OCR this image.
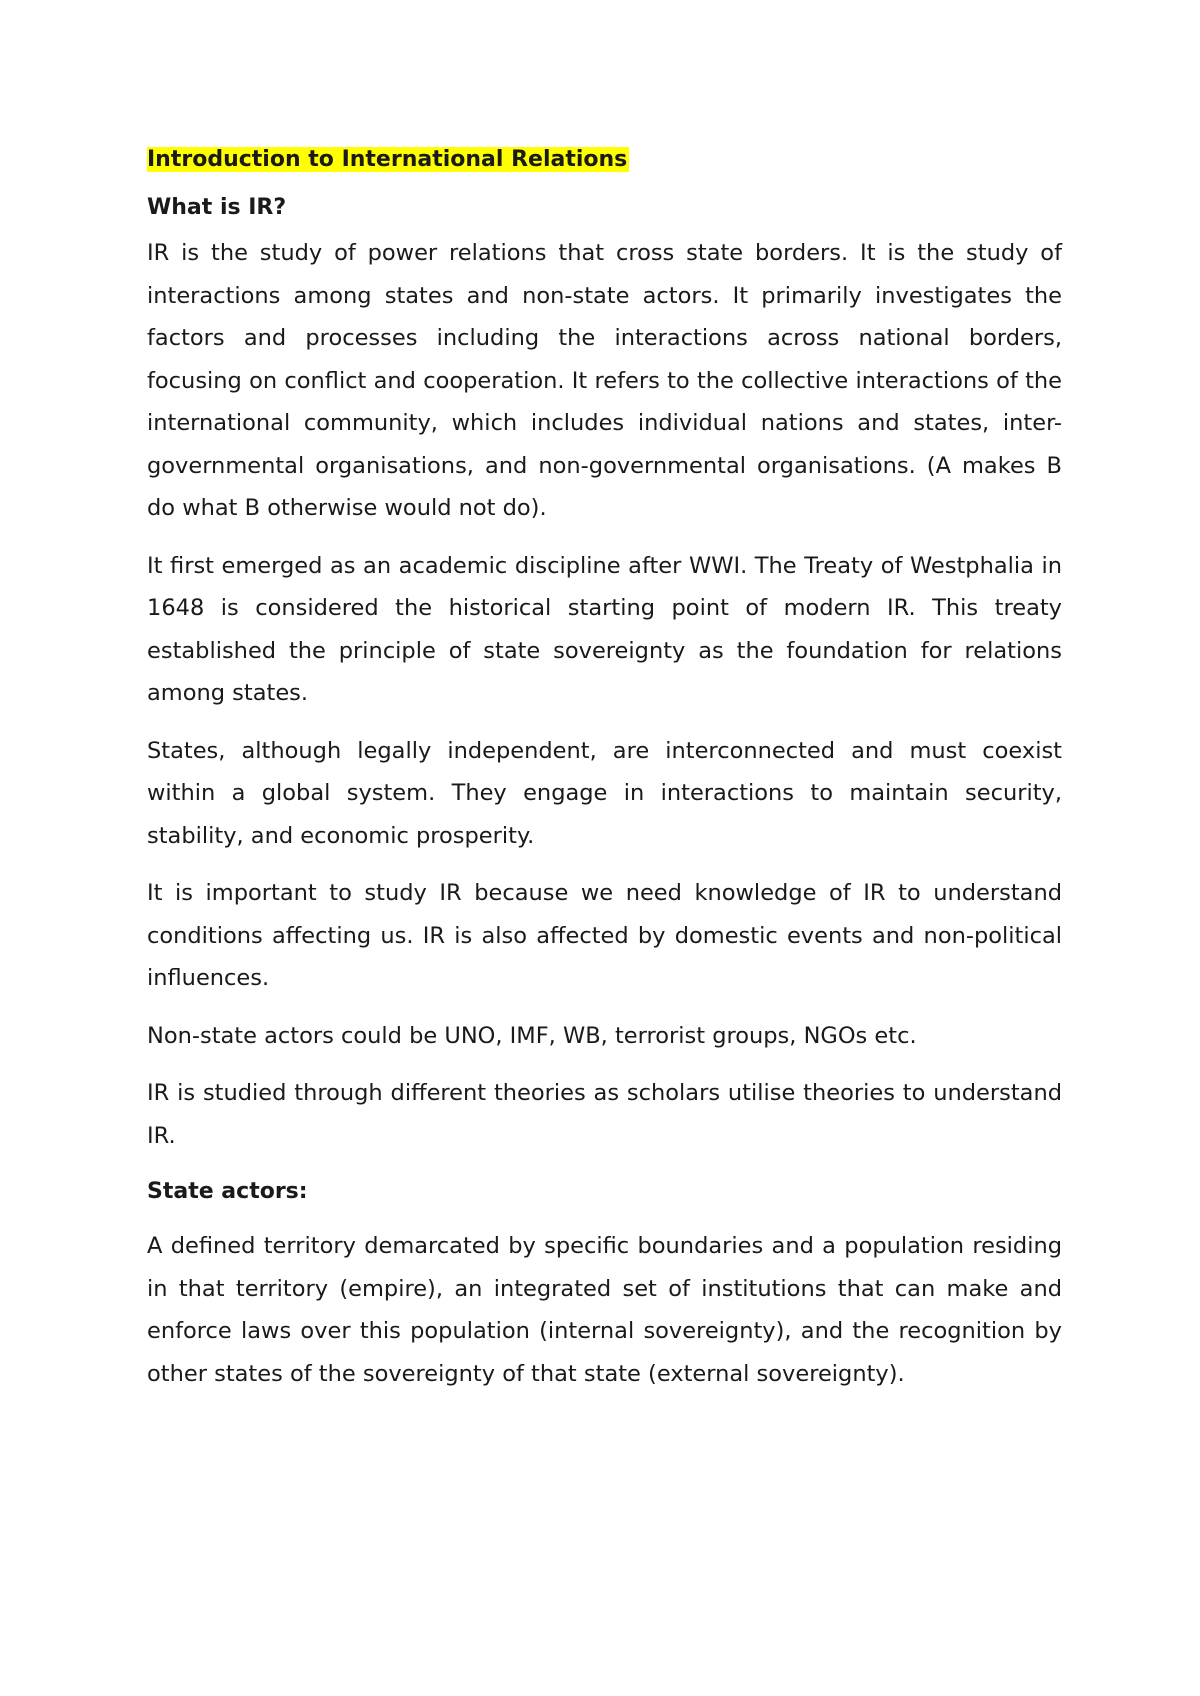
Introduction to International Relations

What is IR?

IR is the study of power relations that cross state borders. It is the study of interactions among states and non-state actors. It primarily investigates the factors and processes including the interactions across national borders, focusing on conflict and cooperation. It refers to the collective interactions of the international community, which includes individual nations and states, inter-governmental organisations, and non-governmental organisations. (A makes B do what B otherwise would not do).

It first emerged as an academic discipline after WWI. The Treaty of Westphalia in 1648 is considered the historical starting point of modern IR. This treaty established the principle of state sovereignty as the foundation for relations among states.

States, although legally independent, are interconnected and must coexist within a global system. They engage in interactions to maintain security, stability, and economic prosperity.

It is important to study IR because we need knowledge of IR to understand conditions affecting us. IR is also affected by domestic events and non-political influences.

Non-state actors could be UNO, IMF, WB, terrorist groups, NGOs etc.

IR is studied through different theories as scholars utilise theories to understand IR.

State actors:

A defined territory demarcated by specific boundaries and a population residing in that territory (empire), an integrated set of institutions that can make and enforce laws over this population (internal sovereignty), and the recognition by other states of the sovereignty of that state (external sovereignty).
